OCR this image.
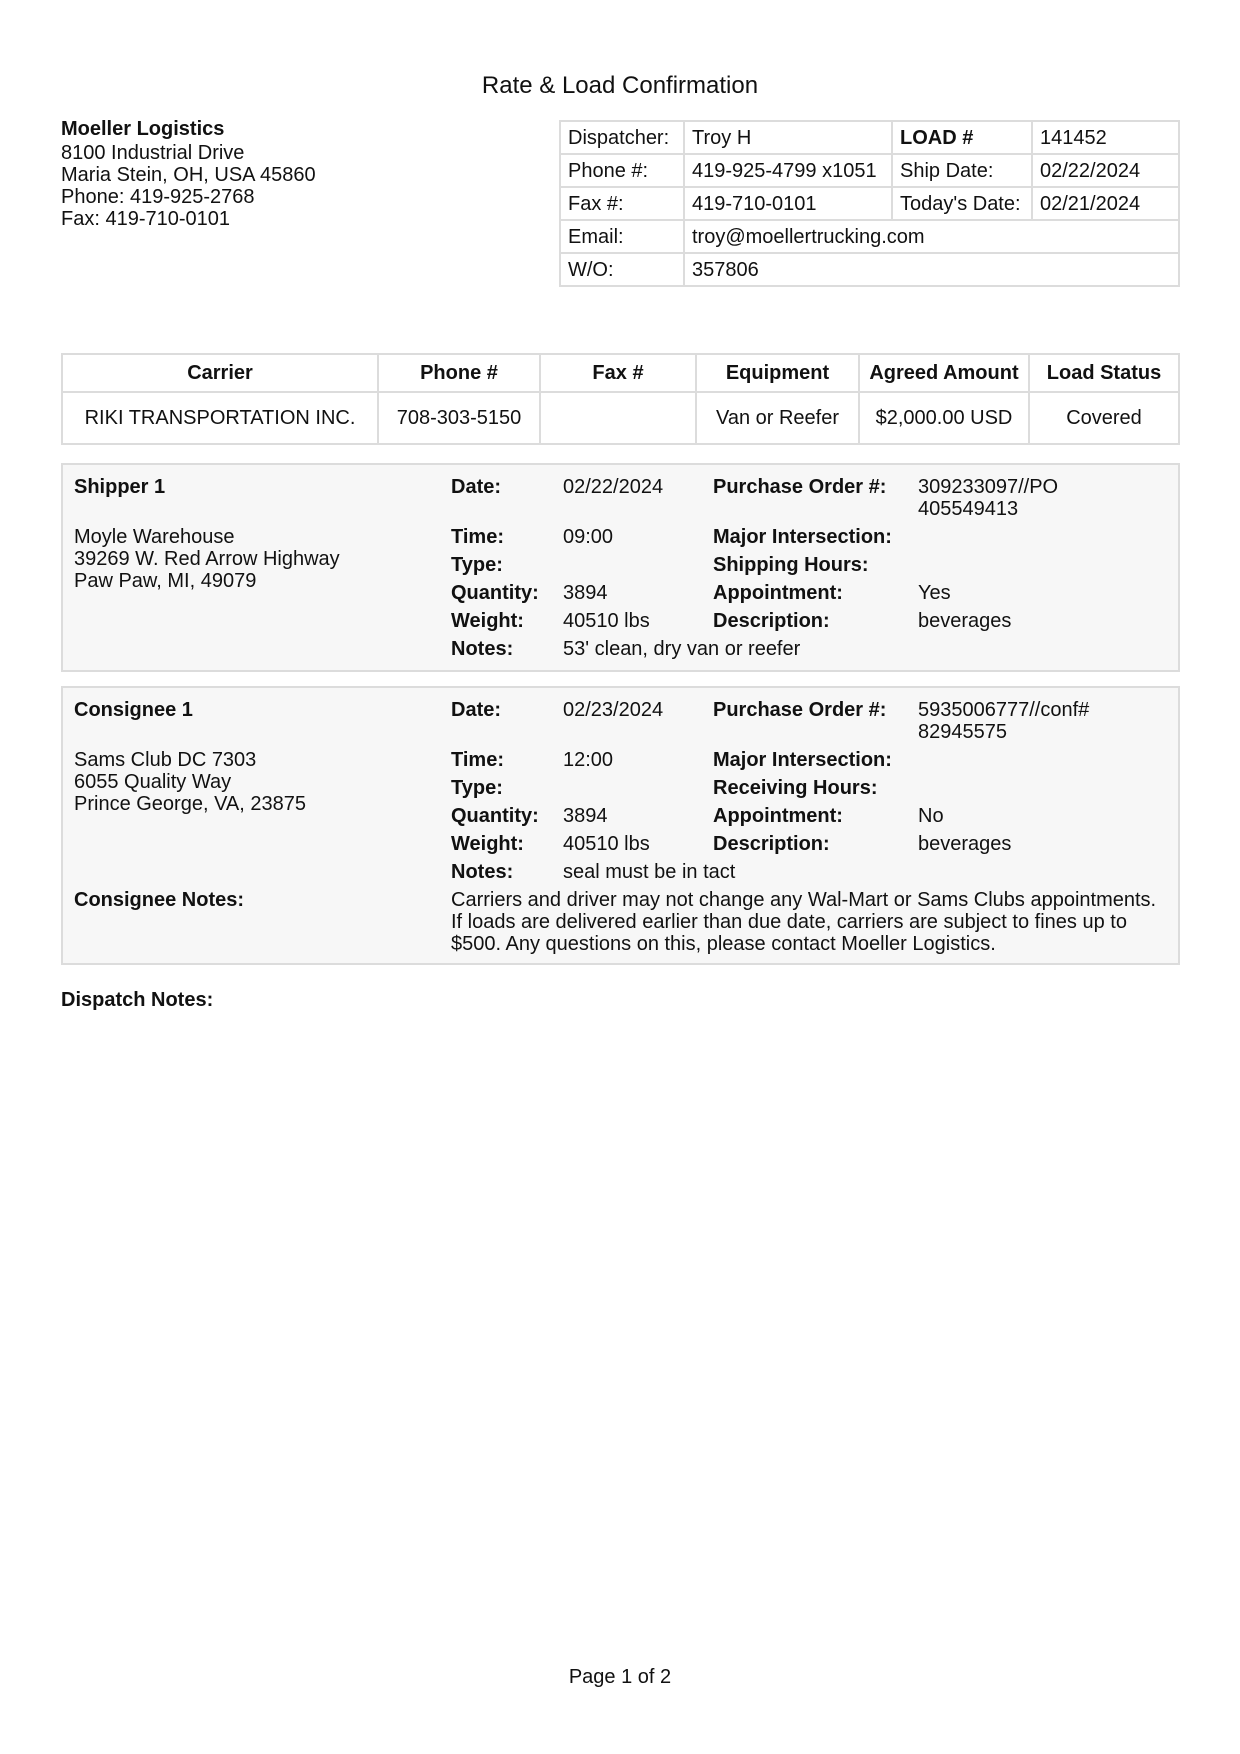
Rate & Load Confirmation
Moeller Logistics
8100 Industrial Drive
Maria Stein, OH, USA 45860
Phone: 419-925-2768
Fax: 419-710-0101
Dispatcher:	Troy H	LOAD #	141452
Phone #:	419-925-4799 x1051	Ship Date:	02/22/2024
Fax #:	419-710-0101	Today's Date:	02/21/2024
Email:	troy@moellertrucking.com		
W/O:	357806		
Carrier	Phone #	Fax #	Equipment	Agreed Amount	Load Status
RIKI TRANSPORTATION INC.	708-303-5150		Van or Reefer	$2,000.00 USD	Covered
Shipper 1
Moyle Warehouse
39269 W. Red Arrow Highway
Paw Paw, MI, 49079
Date:	02/22/2024 Purchase Order #: 309233097//PO
405549413
Time:	09:00	Major Intersection:
Type:	Shipping Hours:
Quantity: 3894	Appointment:	Yes
Weight: 40510 lbs	Description:	beverages
Notes: 53' clean, dry van or reefer
Consignee 1
Sams Club DC 7303
6055 Quality Way
Prince George, VA, 23875
Date:	02/23/2024 Purchase Order #: 5935006777//conf#
82945575
Time:	12:00	Major Intersection:
Type:	Receiving Hours:
Quantity: 3894	Appointment:	No
Weight: 40510 lbs	Description:	beverages
Notes: seal must be in tact
Consignee Notes:	Carriers and driver may not change any Wal-Mart or Sams Clubs appointments.
If loads are delivered earlier than due date, carriers are subject to fines up to
$500. Any questions on this, please contact Moeller Logistics.
Dispatch Notes:
Page 1 of 2
